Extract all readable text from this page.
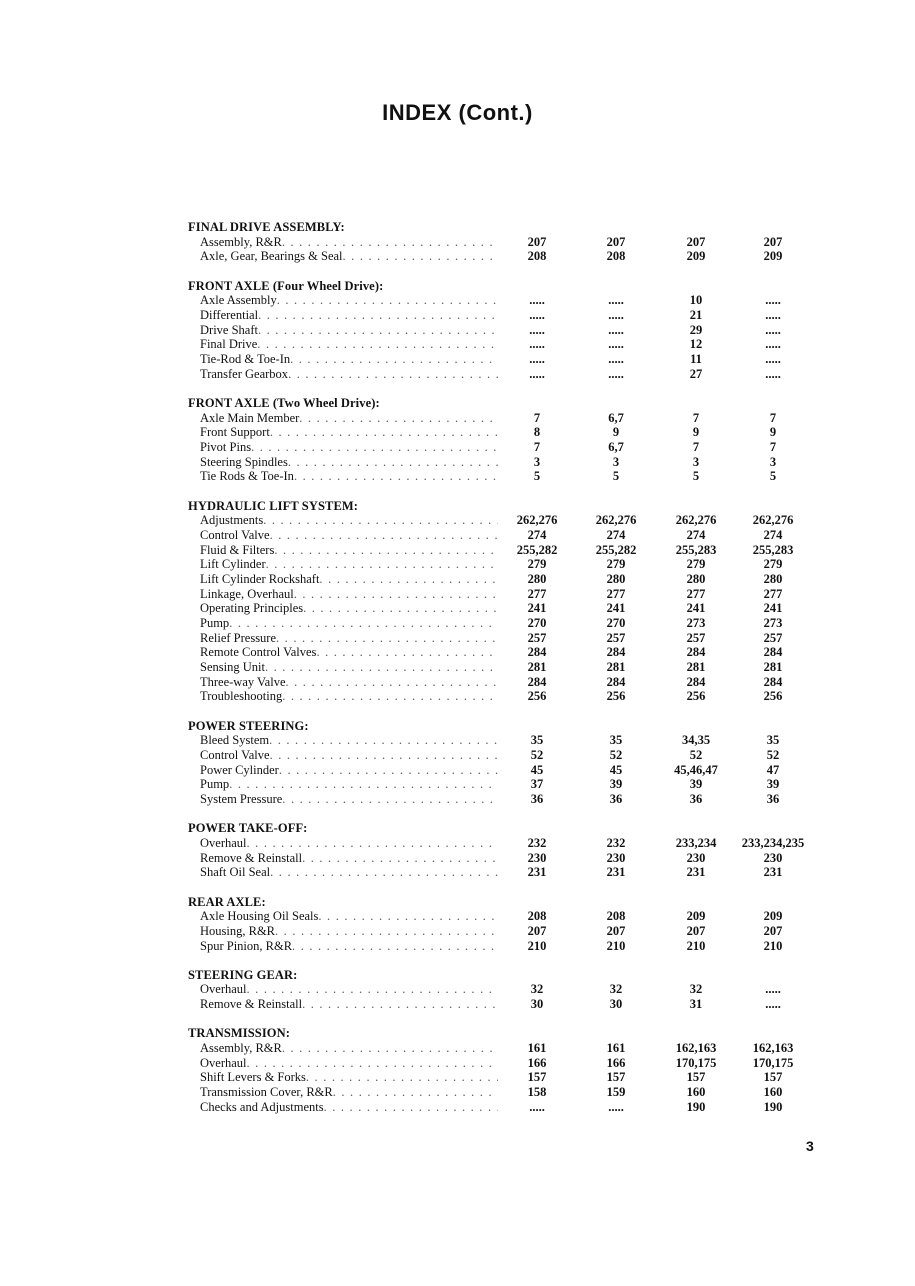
INDEX (Cont.)
FINAL DRIVE ASSEMBLY:
Assembly, R&R . . .	207	207	207	207
Axle, Gear, Bearings & Seal . . .	208	208	209	209
FRONT AXLE (Four Wheel Drive):
Axle Assembly . . .	.....	.....	10	.....
Differential . . .	.....	.....	21	.....
Drive Shaft . . .	.....	.....	29	.....
Final Drive . . .	.....	.....	12	.....
Tie-Rod & Toe-In . . .	.....	.....	11	.....
Transfer Gearbox . . .	.....	.....	27	.....
FRONT AXLE (Two Wheel Drive):
Axle Main Member . . .	7	6,7	7	7
Front Support . . .	8	9	9	9
Pivot Pins . . .	7	6,7	7	7
Steering Spindles . . .	3	3	3	3
Tie Rods & Toe-In . . .	5	5	5	5
HYDRAULIC LIFT SYSTEM:
Adjustments . . .	262,276	262,276	262,276	262,276
Control Valve . . .	274	274	274	274
Fluid & Filters . . .	255,282	255,282	255,283	255,283
Lift Cylinder . . .	279	279	279	279
Lift Cylinder Rockshaft . . .	280	280	280	280
Linkage, Overhaul . . .	277	277	277	277
Operating Principles . . .	241	241	241	241
Pump . . .	270	270	273	273
Relief Pressure . . .	257	257	257	257
Remote Control Valves . . .	284	284	284	284
Sensing Unit . . .	281	281	281	281
Three-way Valve . . .	284	284	284	284
Troubleshooting . . .	256	256	256	256
POWER STEERING:
Bleed System . . .	35	35	34,35	35
Control Valve . . .	52	52	52	52
Power Cylinder . . .	45	45	45,46,47	47
Pump . . .	37	39	39	39
System Pressure . . .	36	36	36	36
POWER TAKE-OFF:
Overhaul . . .	232	232	233,234	233,234,235
Remove & Reinstall . . .	230	230	230	230
Shaft Oil Seal . . .	231	231	231	231
REAR AXLE:
Axle Housing Oil Seals . . .	208	208	209	209
Housing, R&R . . .	207	207	207	207
Spur Pinion, R&R . . .	210	210	210	210
STEERING GEAR:
Overhaul . . .	32	32	32	.....
Remove & Reinstall . . .	30	30	31	.....
TRANSMISSION:
Assembly, R&R . . .	161	161	162,163	162,163
Overhaul . . .	166	166	170,175	170,175
Shift Levers & Forks . . .	157	157	157	157
Transmission Cover, R&R . . .	158	159	160	160
Checks and Adjustments . . .	.....	.....	190	190
3
